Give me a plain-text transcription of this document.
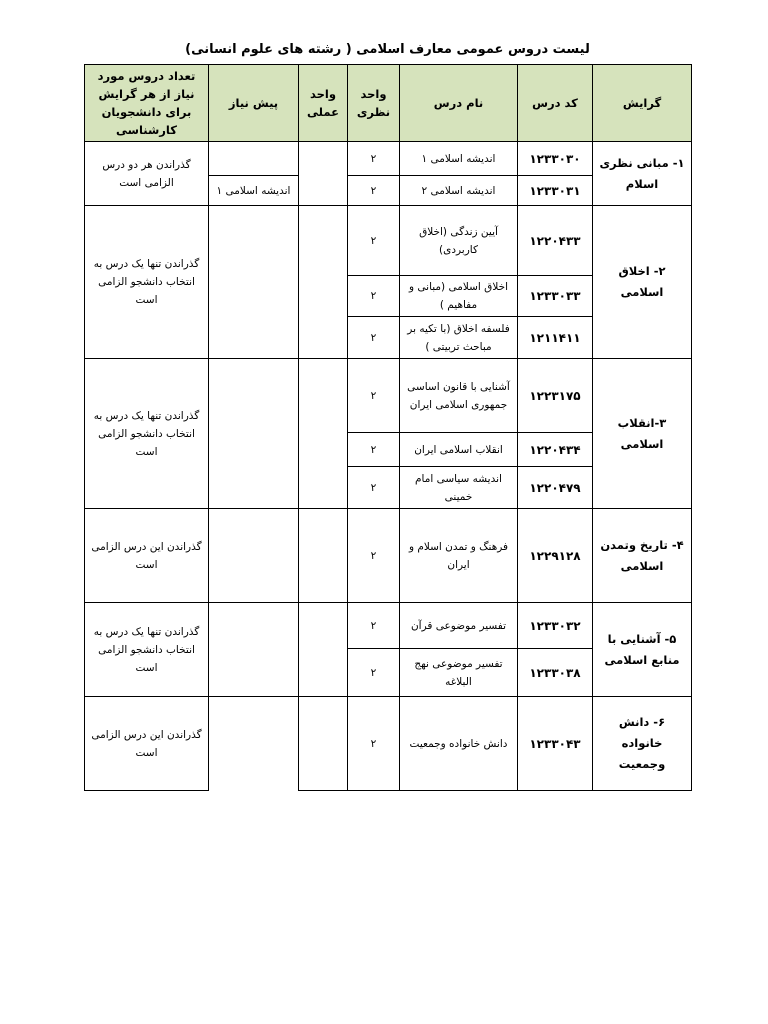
لیست دروس عمومی معارف اسلامی ( رشته های علوم انسانی)
گرایش	کد درس	نام درس	واحد نظری	واحد عملی	پیش نیاز	تعداد دروس مورد نیاز از هر گرایش برای دانشجویان کارشناسی
۱- مبانی نظری اسلام	۱۲۳۳۰۳۰	اندیشه اسلامی ۱	۲			گذراندن هر دو درس الزامی است
	۱۲۳۳۰۳۱	اندیشه اسلامی ۲	۲		اندیشه اسلامی ۱	
۲- اخلاق اسلامی	۱۲۲۰۴۳۳	آیین زندگی (اخلاق کاربردی)	۲			گذراندن تنها یک درس به انتخاب دانشجو الزامی است
	۱۲۳۳۰۳۳	اخلاق اسلامی (مبانی و مفاهیم )	۲			
	۱۲۱۱۴۱۱	فلسفه اخلاق (با تکیه بر مباحث تربیتی )	۲			
۳-انقلاب اسلامی	۱۲۲۳۱۷۵	آشنایی با قانون اساسی جمهوری اسلامی ایران	۲			گذراندن تنها یک درس به انتخاب دانشجو الزامی است
	۱۲۲۰۴۳۴	انقلاب اسلامی ایران	۲			
	۱۲۲۰۴۷۹	اندیشه سیاسی امام خمینی	۲			
۴- تاریخ وتمدن اسلامی	۱۲۲۹۱۲۸	فرهنگ و تمدن اسلام و ایران	۲			گذراندن این درس الزامی است
۵- آشنایی با منابع اسلامی	۱۲۳۳۰۳۲	تفسیر موضوعی قرآن	۲			گذراندن تنها یک درس به انتخاب دانشجو الزامی است
	۱۲۳۳۰۳۸	تفسیر موضوعی نهج البلاغه	۲			
۶- دانش خانواده وجمعیت	۱۲۳۳۰۴۳	دانش خانواده وجمعیت	۲			گذراندن این درس الزامی است
